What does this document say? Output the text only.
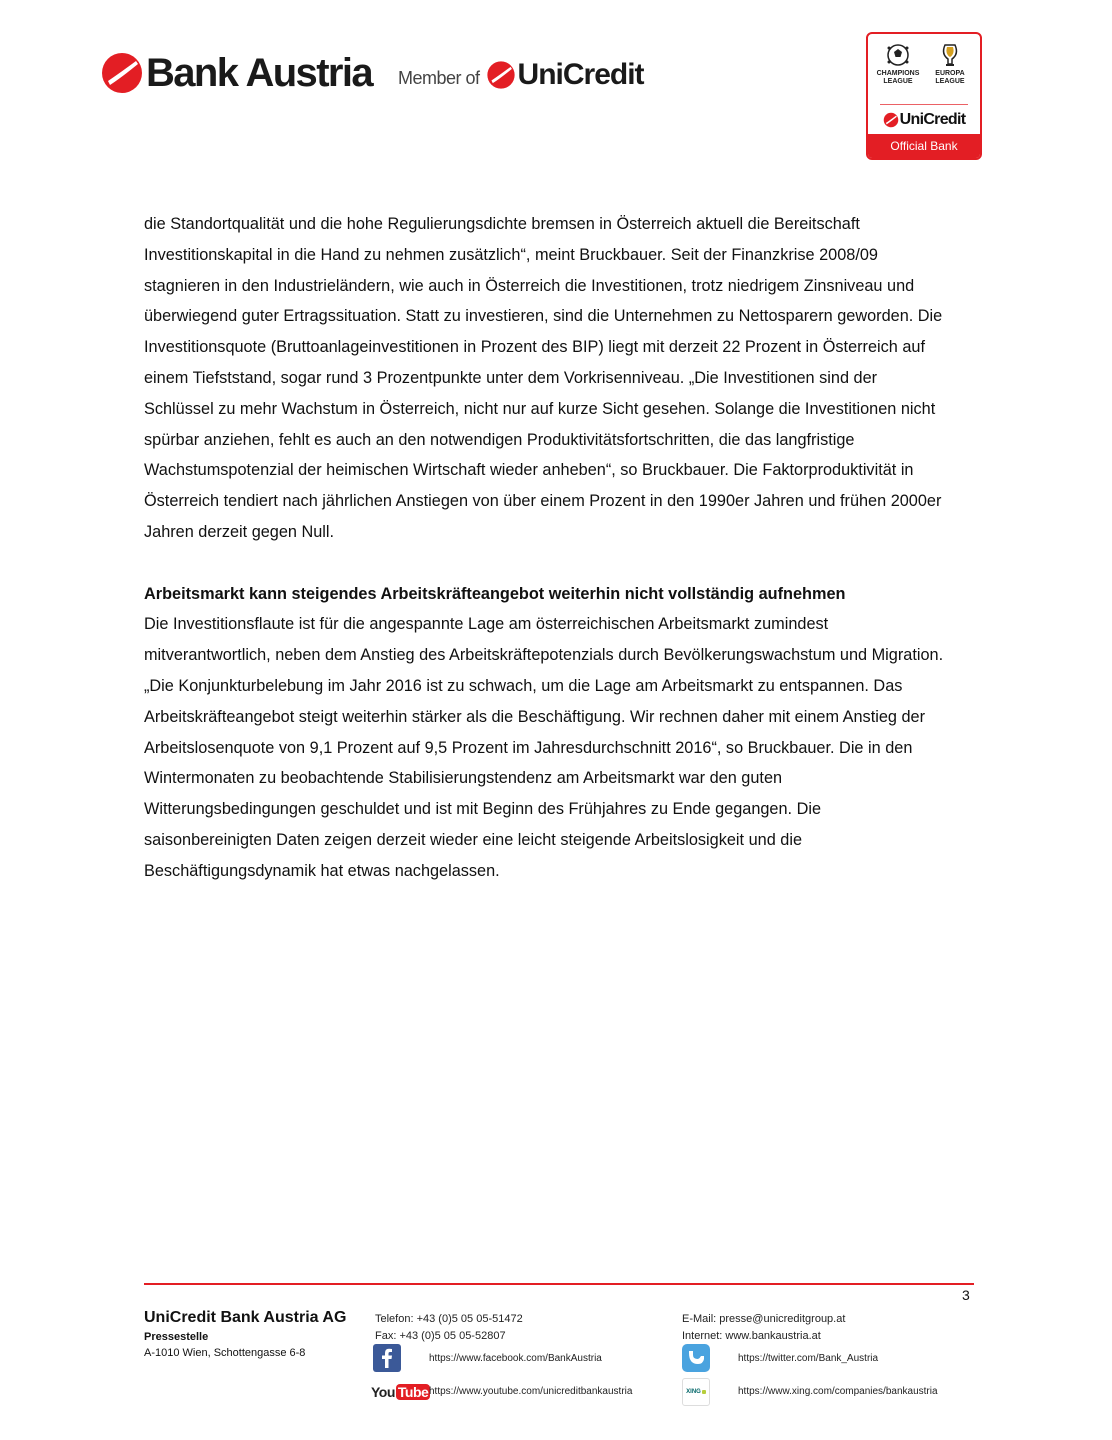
Bank Austria Member of UniCredit	CHAMPIONS
LEAGUE
EUROPA
LEAGUE
UniCredit
Official Bank

die Standortqualität und die hohe Regulierungsdichte bremsen in Österreich aktuell die Bereitschaft Investitionskapital in die Hand zu nehmen zusätzlich“, meint Bruckbauer. Seit der Finanzkrise 2008/09 stagnieren in den Industrieländern, wie auch in Österreich die Investitionen, trotz niedrigem Zinsniveau und überwiegend guter Ertragssituation. Statt zu investieren, sind die Unternehmen zu Nettosparern geworden. Die Investitionsquote (Bruttoanlageinvestitionen in Prozent des BIP) liegt mit derzeit 22 Prozent in Österreich auf einem Tiefststand, sogar rund 3 Prozentpunkte unter dem Vorkrisenniveau. „Die Investitionen sind der Schlüssel zu mehr Wachstum in Österreich, nicht nur auf kurze Sicht gesehen. Solange die Investitionen nicht spürbar anziehen, fehlt es auch an den notwendigen Produktivitätsfortschritten, die das langfristige Wachstumspotenzial der heimischen Wirtschaft wieder anheben“, so Bruckbauer. Die Faktorproduktivität in Österreich tendiert nach jährlichen Anstiegen von über einem Prozent in den 1990er Jahren und frühen 2000er Jahren derzeit gegen Null.

Arbeitsmarkt kann steigendes Arbeitskräfteangebot weiterhin nicht vollständig aufnehmen

Die Investitionsflaute ist für die angespannte Lage am österreichischen Arbeitsmarkt zumindest mitverantwortlich, neben dem Anstieg des Arbeitskräftepotenzials durch Bevölkerungswachstum und Migration. „Die Konjunkturbelebung im Jahr 2016 ist zu schwach, um die Lage am Arbeitsmarkt zu entspannen. Das Arbeitskräfteangebot steigt weiterhin stärker als die Beschäftigung. Wir rechnen daher mit einem Anstieg der Arbeitslosenquote von 9,1 Prozent auf 9,5 Prozent im Jahresdurchschnitt 2016“, so Bruckbauer. Die in den Wintermonaten zu beobachtende Stabilisierungstendenz am Arbeitsmarkt war den guten Witterungsbedingungen geschuldet und ist mit Beginn des Frühjahres zu Ende gegangen. Die saisonbereinigten Daten zeigen derzeit wieder eine leicht steigende Arbeitslosigkeit und die Beschäftigungsdynamik hat etwas nachgelassen.

3
UniCredit Bank Austria AG
Pressestelle
A-1010 Wien, Schottengasse 6-8
Telefon: +43 (0)5 05 05-51472
Fax: +43 (0)5 05 05-52807
E-Mail: presse@unicreditgroup.at
Internet: www.bankaustria.at
https://www.facebook.com/BankAustria	https://twitter.com/Bank_Austria
You Tube https://www.youtube.com/unicreditbankaustria	XING	https://www.xing.com/companies/bankaustria
